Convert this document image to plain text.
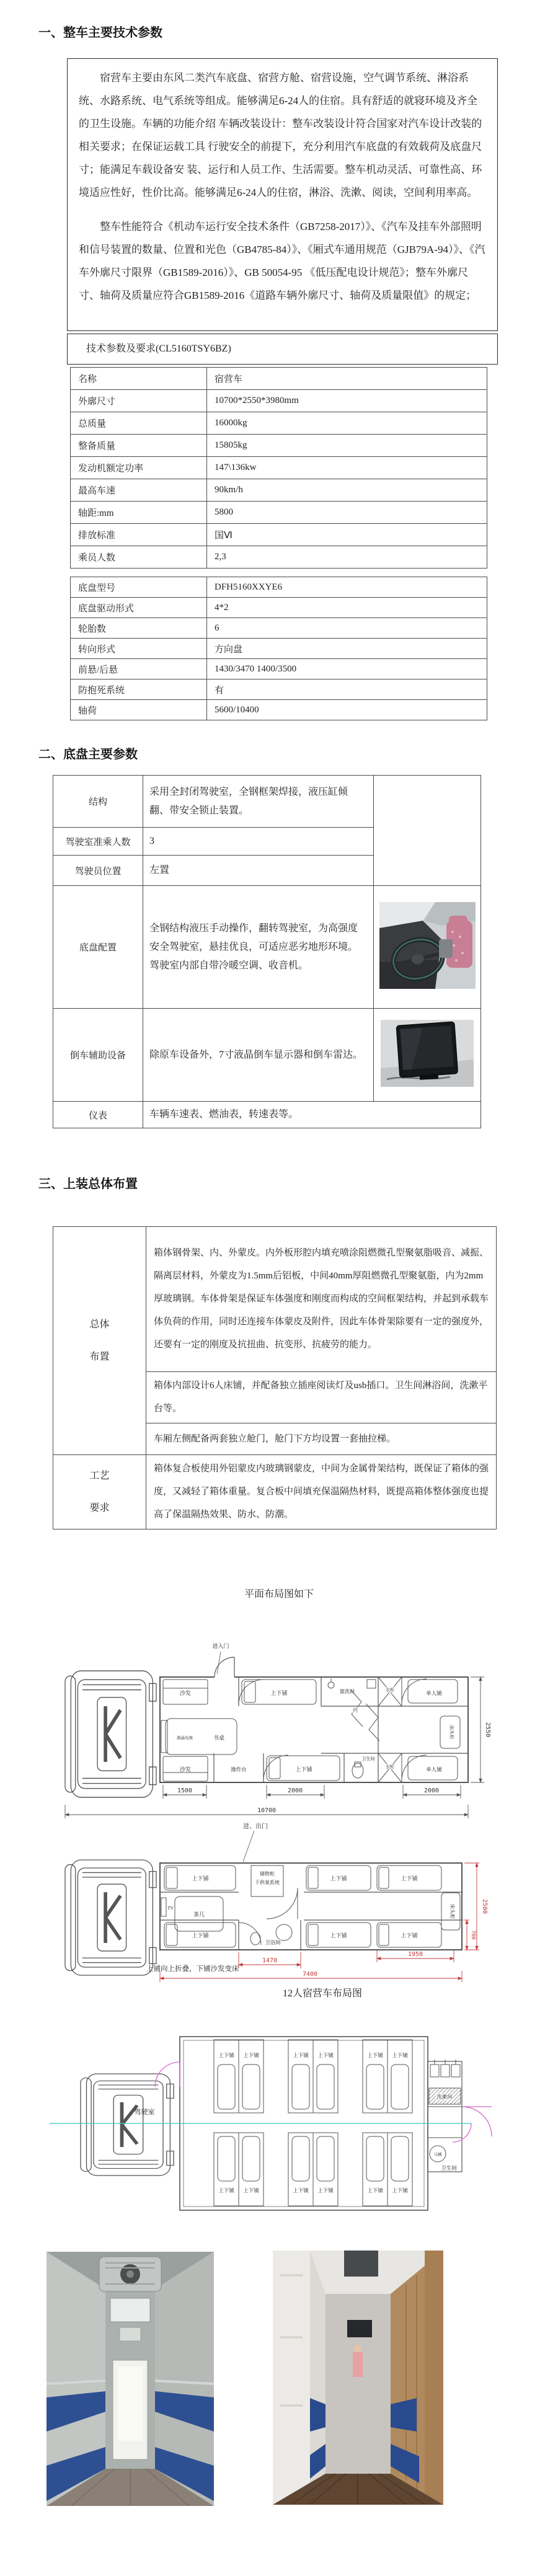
一、整车主要技术参数

宿营车主要由东风二类汽车底盘、宿营方舱、宿营设施，空气调节系统、淋浴系统、水路系统、电气系统等组成。能够满足6-24人的住宿。具有舒适的就寝环境及齐全 的卫生设施。车辆的功能介绍 车辆改装设计：整车改装设计符合国家对汽车设计改装的相关要求；在保证运载工具 行驶安全的前提下，充分利用汽车底盘的有效载荷及底盘尺寸；能满足车载设备安 装、运行和人员工作、生活需要。整车机动灵活、可靠性高、环境适应性好，性价比高。能够满足6-24人的住宿，淋浴、洗漱、阅读，空间利用率高。

整车性能符合《机动车运行安全技术条件（GB7258-2017）》、《汽车及挂车外部照明和信号装置的数量、位置和光色（GB4785-84）》、《厢式车通用规范（GJB79A-94）》、《汽车外廓尺寸限界（GB1589-2016）》、GB 50054-95 《低压配电设计规范》；整车外廓尺寸、轴荷及质量应符合GB1589-2016《道路车辆外廓尺寸、轴荷及质量限值》的规定；

技术参数及要求(CL5160TSY6BZ)
名称	宿营车
外廓尺寸	10700*2550*3980mm
总质量	16000kg
整备质量	15805kg
发动机额定功率	147\136kw
最高车速	90km/h
轴距:mm	5800
排放标准	国Ⅵ
乘员人数	2,3
底盘型号	DFH5160XXYE6
底盘驱动形式	4*2
轮胎数	6
转向形式	方向盘
前悬/后悬	1430/3470 1400/3500
防抱死系统	有
轴荷	5600/10400
二、底盘主要参数
结构	采用全封闭驾驶室，全钢框架焊接，液压缸倾翻、带安全锁止装置。	
驾驶室准乘人数	3	
驾驶员位置	左置	
底盘配置	全钢结构液压手动操作，翻转驾驶室，为高强度安全驾驶室，悬挂优良，可适应恶劣地形环境。驾驶室内部自带冷暖空调、收音机。	
倒车辅助设备	除原车设备外，7寸液晶倒车显示器和倒车雷达。	
仪表	车辆车速表、燃油表，转速表等。	
三、上装总体布置
总体
布置	箱体钢骨架、内、外蒙皮。内外板形腔内填充喷涂阻燃微孔型聚氨脂吸音、减振、隔离层材料，外蒙皮为1.5mm后铝板，中间40mm厚阻燃微孔型聚氨脂，内为2mm厚玻璃钢。车体骨架是保证车体强度和刚度而构成的空间框架结构，并起到承载车体负荷的作用，同时还连接车体蒙皮及附件，因此车体骨架除要有一定的强度外，还要有一定的刚度及抗扭曲、抗变形、抗疲劳的能力。
	箱体内部设计6人床铺，并配备独立插座阅读灯及usb插口。卫生间淋浴间，洗漱平台等。
	车厢左侧配备两套独立舱门，舱门下方均设置一套抽拉梯。

工艺
要求	箱体复合板使用外铝蒙皮内玻璃钢蒙皮，中间为金属骨架结构，既保证了箱体的强度，又减轻了箱体重量。复合板中间填充保温隔热材料，既提高箱体整体强度也提高了保温隔热效果、防水、防潮。
平面布局图如下
进入门
沙发	上下铺	盥洗间	衣柜	单人铺
液晶电视	书桌
门
床头柜
沙发	操作台	上下铺
卫生间
衣柜	单人铺
1500	2000	2000
10700
2550
进、出门
上下铺
储物柜
下供氧系统
上下铺	上下铺
TV
茶几	床头柜
上下铺
卫浴间
上下铺	上下铺
上铺向上折叠，下铺沙发变床
1470
1950
7400
2500
700
12人宿营车布局图
驾驶室
上下铺 上下铺	上下铺 上下铺	上下铺 上下铺
上下铺 上下铺	上下铺 上下铺	上下铺 上下铺
洗漱间
马桶
卫生间
